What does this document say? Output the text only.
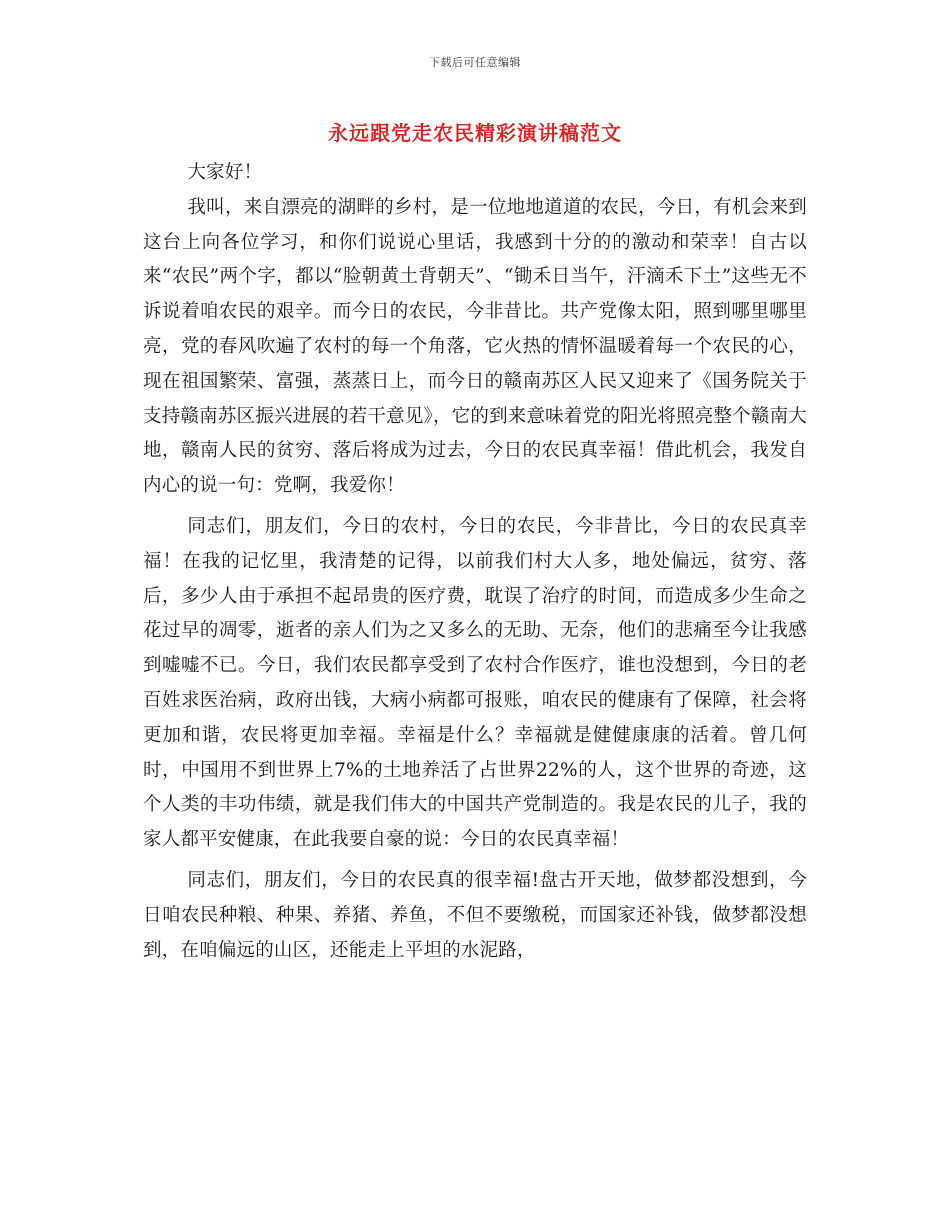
下载后可任意编辑
永远跟党走农民精彩演讲稿范文

大家好！

我叫，来自漂亮的湖畔的乡村，是一位地地道道的农民，今日，有机会来到这台上向各位学习，和你们说说心里话，我感到十分的的激动和荣幸！自古以来“农民”两个字，都以“脸朝黄土背朝天”、“锄禾日当午，汗滴禾下土”这些无不诉说着咱农民的艰辛。而今日的农民，今非昔比。共产党像太阳，照到哪里哪里亮，党的春风吹遍了农村的每一个角落，它火热的情怀温暖着每一个农民的心，现在祖国繁荣、富强，蒸蒸日上，而今日的赣南苏区人民又迎来了《国务院关于支持赣南苏区振兴进展的若干意见》，它的到来意味着党的阳光将照亮整个赣南大地，赣南人民的贫穷、落后将成为过去，今日的农民真幸福！借此机会，我发自内心的说一句：党啊，我爱你！

同志们，朋友们，今日的农村，今日的农民，今非昔比，今日的农民真幸福！在我的记忆里，我清楚的记得，以前我们村大人多，地处偏远，贫穷、落后，多少人由于承担不起昂贵的医疗费，耽误了治疗的时间，而造成多少生命之花过早的凋零，逝者的亲人们为之又多么的无助、无奈，他们的悲痛至今让我感到嘘嘘不已。今日，我们农民都享受到了农村合作医疗，谁也没想到，今日的老百姓求医治病，政府出钱，大病小病都可报账，咱农民的健康有了保障，社会将更加和谐，农民将更加幸福。幸福是什么？幸福就是健健康康的活着。曾几何时，中国用不到世界上7%的土地养活了占世界22%的人，这个世界的奇迹，这个人类的丰功伟绩，就是我们伟大的中国共产党制造的。我是农民的儿子，我的家人都平安健康，在此我要自豪的说：今日的农民真幸福！

同志们，朋友们，今日的农民真的很幸福!盘古开天地，做梦都没想到，今日咱农民种粮、种果、养猪、养鱼，不但不要缴税，而国家还补钱，做梦都没想到，在咱偏远的山区，还能走上平坦的水泥路，
